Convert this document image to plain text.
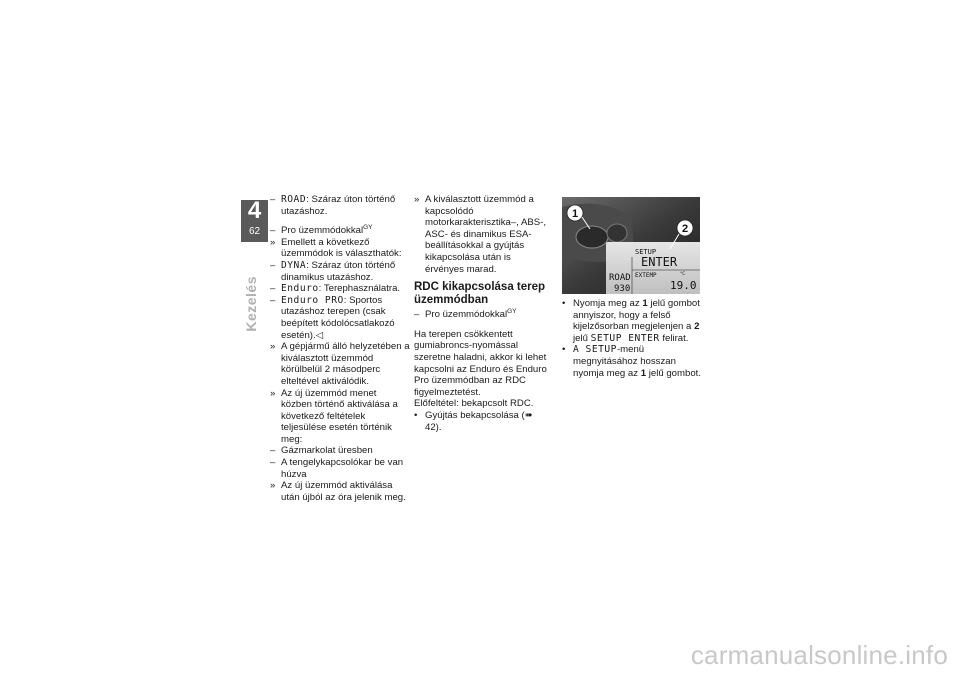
4
62
Kezelés
– ROAD: Száraz úton történő utazáshoz.
– Pro üzemmódokkal$^{GY}$
» Emellett a következő üzemmódok is választhatók:
– DYNA: Száraz úton történő dinamikus utazáshoz.
– Enduro: Terephasználatra.
– Enduro PRO: Sportos utazáshoz terepen (csak beépített kódolócsatlakozó esetén).◁
» A gépjármű álló helyzetében a kiválasztott üzemmód körülbelül 2 másodperc elteltével aktiválódik.
» Az új üzemmód menet közben történő aktiválása a következő feltételek teljesülése esetén történik meg:
– Gázmarkolat üresben
– A tengelykapcsolókar be van húzva
» Az új üzemmód aktiválása után újból az óra jelenik meg.
» A kiválasztott üzemmód a kapcsolódó motorkarakterisztika–, ABS-, ASC- és dinamikus ESA-beállításokkal a gyújtás kikapcsolása után is érvényes marad.
RDC kikapcsolása terep üzemmódban
– Pro üzemmódokkal$^{GY}$

Ha terepen csökkentett gumiabroncs-nyomással szeretne haladni, akkor ki lehet kapcsolni az Enduro és Enduro Pro üzemmódban az RDC figyelmeztetést.

Előfeltétel: bekapcsolt RDC.

• Gyújtás bekapcsolása (➠ 42).
SETUP
ENTER
EXTEMP	°C
19.0
ROAD
930
1
2
• Nyomja meg az 1 jelű gombot annyiszor, hogy a felső kijelzősorban megjelenjen a 2 jelű SETUP ENTER felirat.
• A SETUP-menü megnyitásához hosszan nyomja meg az 1 jelű gombot.
carmanualsonline.info
